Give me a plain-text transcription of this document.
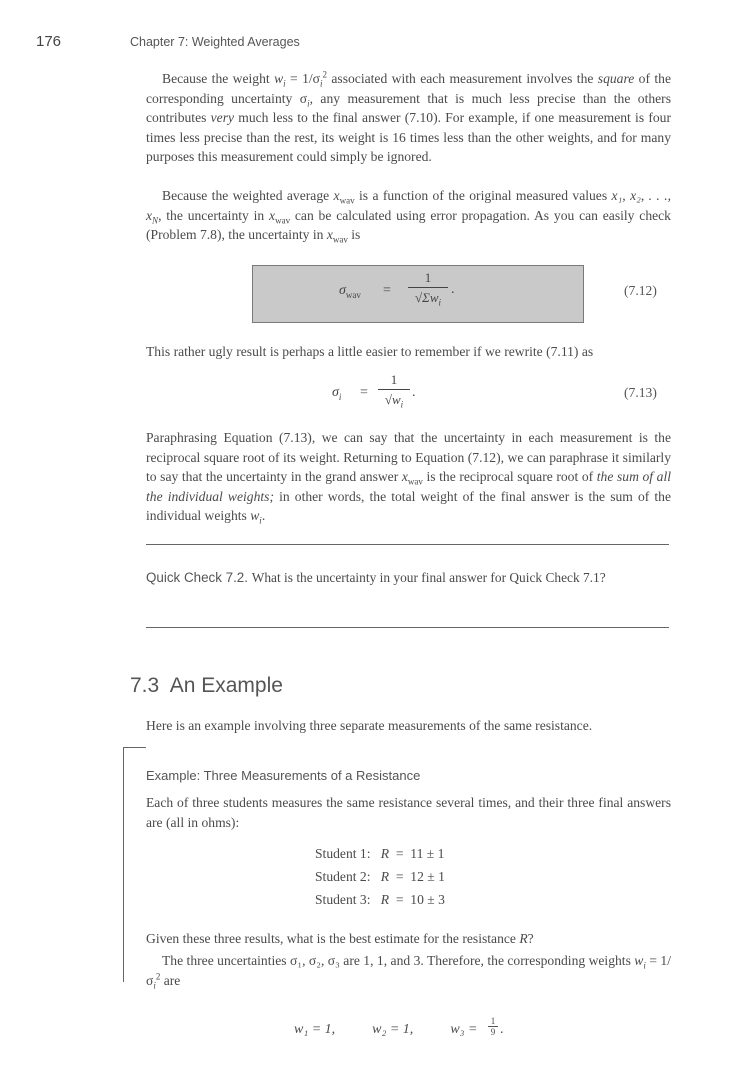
176	Chapter 7: Weighted Averages

Because the weight $w_i = 1/\sigma_i^2$ associated with each measurement involves the square of the corresponding uncertainty $\sigma_i$, any measurement that is much less precise than the others contributes very much less to the final answer (7.10). For example, if one measurement is four times less precise than the rest, its weight is 16 times less than the other weights, and for many purposes this measurement could simply be ignored.

Because the weighted average $x_{wav}$ is a function of the original measured values x₁, x₂, . . ., $x_N$, the uncertainty in $x_{wav}$ can be calculated using error propagation. As you can easily check (Problem 7.8), the uncertainty in $x_{wav}$ is

$\sigma_{wav}$ =
1
$√\Sigma w_i$
.	(7.12)

This rather ugly result is perhaps a little easier to remember if we rewrite (7.11) as

$\sigma_i$ =
1
$√w_i$
.	(7.13)

Paraphrasing Equation (7.13), we can say that the uncertainty in each measurement is the reciprocal square root of its weight. Returning to Equation (7.12), we can paraphrase it similarly to say that the uncertainty in the grand answer $x_{wav}$ is the reciprocal square root of the sum of all the individual weights; in other words, the total weight of the final answer is the sum of the individual weights $w_i$.

Quick Check 7.2. What is the uncertainty in your final answer for Quick Check 7.1?

7.3 An Example

Here is an example involving three separate measurements of the same resistance.

Example: Three Measurements of a Resistance

Each of three students measures the same resistance several times, and their three final answers are (all in ohms):

Student 1: R = 11 ± 1
Student 2: R = 12 ± 1
Student 3: R = 10 ± 3

Given these three results, what is the best estimate for the resistance R?

The three uncertainties σ₁, σ₂, σ₃ are 1, 1, and 3. Therefore, the corresponding weights $w_i = 1/\sigma_i^2$ are

w₁ = 1,	w₂ = 1,	w₃ =
1
9 .
